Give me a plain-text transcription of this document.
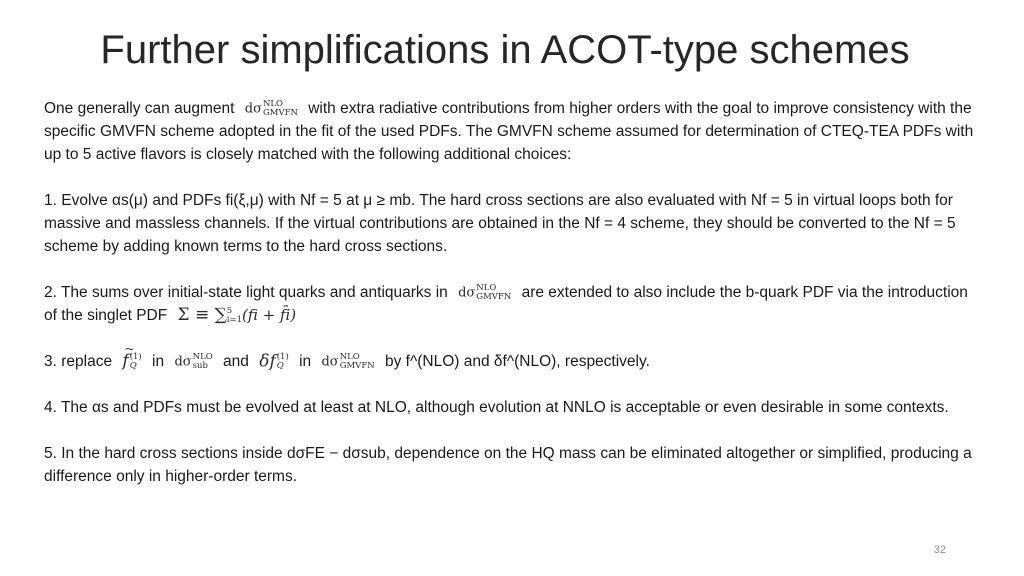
Further simplifications in ACOT-type schemes

One generally can augment dσ NLO
GMVFN with extra radiative contributions from higher orders with the goal to improve consistency with the specific GMVFN scheme adopted in the fit of the used PDFs. The GMVFN scheme assumed for determination of CTEQ-TEA PDFs with up to 5 active flavors is closely matched with the following additional choices:

1. Evolve αs(μ) and PDFs fi(ξ,μ) with Nf = 5 at μ ≥ mb. The hard cross sections are also evaluated with Nf = 5 in virtual loops both for massive and massless channels. If the virtual contributions are obtained in the Nf = 4 scheme, they should be converted to the Nf = 5 scheme by adding known terms to the hard cross sections.

2. The sums over initial-state light quarks and antiquarks in dσ NLO
GMVFN are extended to also include the b-quark PDF via the introduction of the singlet PDF Σ ≡ ∑ 5
i=1 (fi + f̄i)

3. replace ~ f (1)
Q in dσ NLO
sub and δf (1)
Q in dσ NLO
GMVFN by f^(NLO) and δf^(NLO), respectively.

4. The αs and PDFs must be evolved at least at NLO, although evolution at NNLO is acceptable or even desirable in some contexts.

5. In the hard cross sections inside dσFE − dσsub, dependence on the HQ mass can be eliminated altogether or simplified, producing a difference only in higher-order terms.

32
